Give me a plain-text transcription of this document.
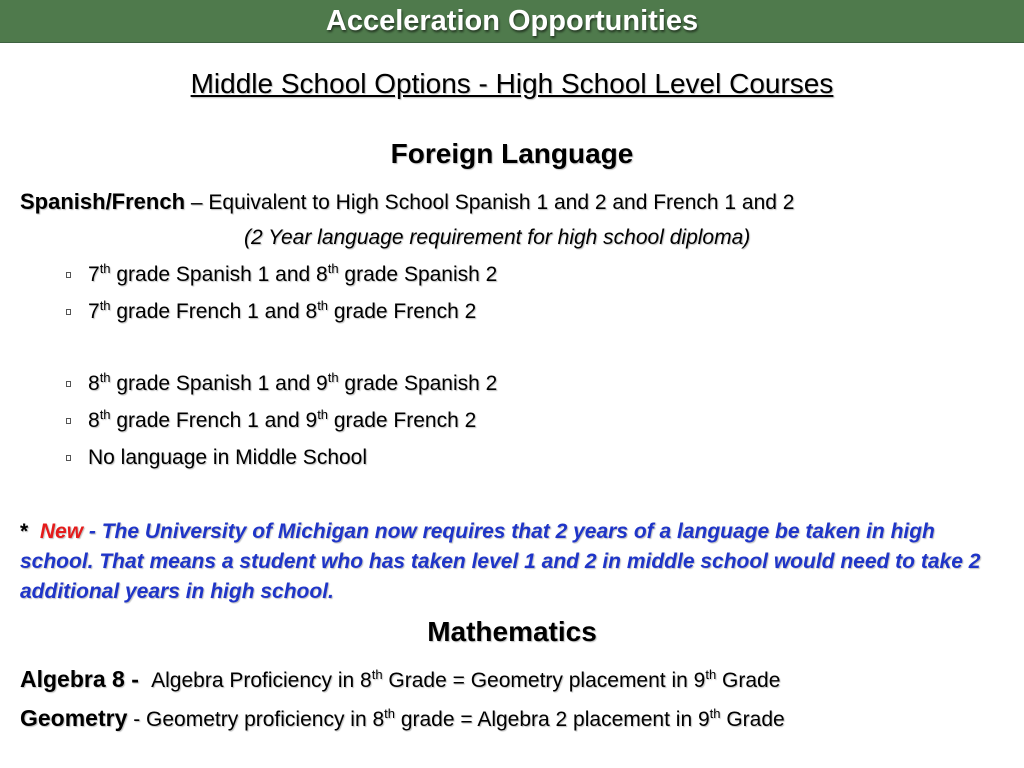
Acceleration Opportunities
Middle School Options - High School Level Courses
Foreign Language
Spanish/French – Equivalent to High School Spanish 1 and 2 and French 1 and 2
(2 Year language requirement for high school diploma)
7th grade Spanish 1 and 8th grade Spanish 2
7th grade French 1 and 8th grade French 2
8th grade Spanish 1 and 9th grade Spanish 2
8th grade French 1 and 9th grade French 2
No language in Middle School
* New - The University of Michigan now requires that 2 years of a language be taken in high school. That means a student who has taken level 1 and 2 in middle school would need to take 2 additional years in high school.
Mathematics
Algebra 8 -  Algebra Proficiency in 8th Grade = Geometry placement in 9th Grade
Geometry - Geometry proficiency in 8th grade = Algebra 2 placement in 9th Grade
